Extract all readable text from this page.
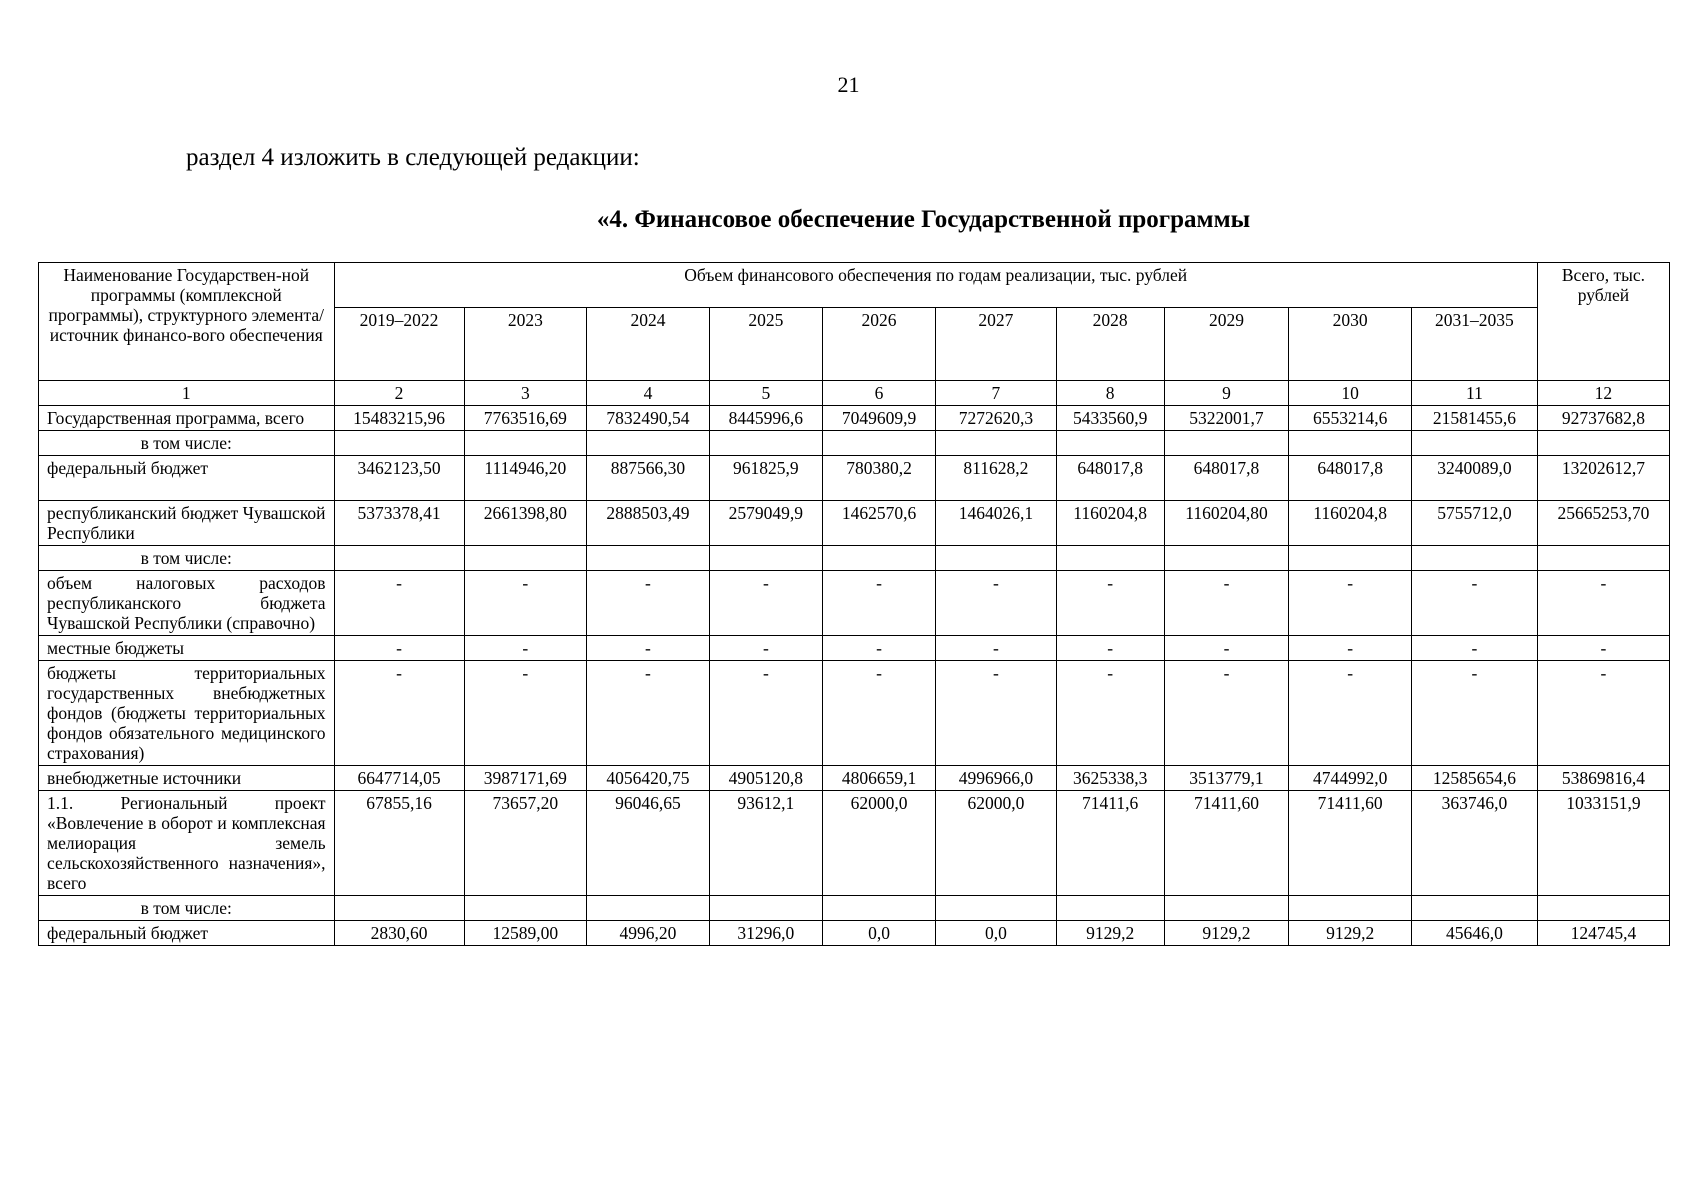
21
раздел 4 изложить в следующей редакции:
«4. Финансовое обеспечение Государственной программы
Наименование Государствен-ной программы (комплексной программы), структурного элемента/источник финансо-вого обеспечения	Объем финансового обеспечения по годам реализации, тыс. рублей										Всего, тыс. рублей
	2019–2022	2023	2024	2025	2026	2027	2028	2029	2030	2031–2035	
1	2	3	4	5	6	7	8	9	10	11	12
Государственная программа, всего	15483215,96	7763516,69	7832490,54	8445996,6	7049609,9	7272620,3	5433560,9	5322001,7	6553214,6	21581455,6	92737682,8
в том числе:											
федеральный бюджет	3462123,50	1114946,20	887566,30	961825,9	780380,2	811628,2	648017,8	648017,8	648017,8	3240089,0	13202612,7
республиканский бюджет Чувашской Республики	5373378,41	2661398,80	2888503,49	2579049,9	1462570,6	1464026,1	1160204,8	1160204,80	1160204,8	5755712,0	25665253,70
в том числе:											
объем налоговых расходов республиканского бюджета Чувашской Республики (справочно)	-	-	-	-	-	-	-	-	-	-	-
местные бюджеты	-	-	-	-	-	-	-	-	-	-	-
бюджеты территориальных государственных внебюджетных фондов (бюджеты территориальных фондов обязательного медицинского страхования)	-	-	-	-	-	-	-	-	-	-	-
внебюджетные источники	6647714,05	3987171,69	4056420,75	4905120,8	4806659,1	4996966,0	3625338,3	3513779,1	4744992,0	12585654,6	53869816,4
1.1. Региональный проект «Вовлечение в оборот и комплексная мелиорация земель сельскохозяйственного назначения», всего	67855,16	73657,20	96046,65	93612,1	62000,0	62000,0	71411,6	71411,60	71411,60	363746,0	1033151,9
в том числе:											
федеральный бюджет	2830,60	12589,00	4996,20	31296,0	0,0	0,0	9129,2	9129,2	9129,2	45646,0	124745,4
